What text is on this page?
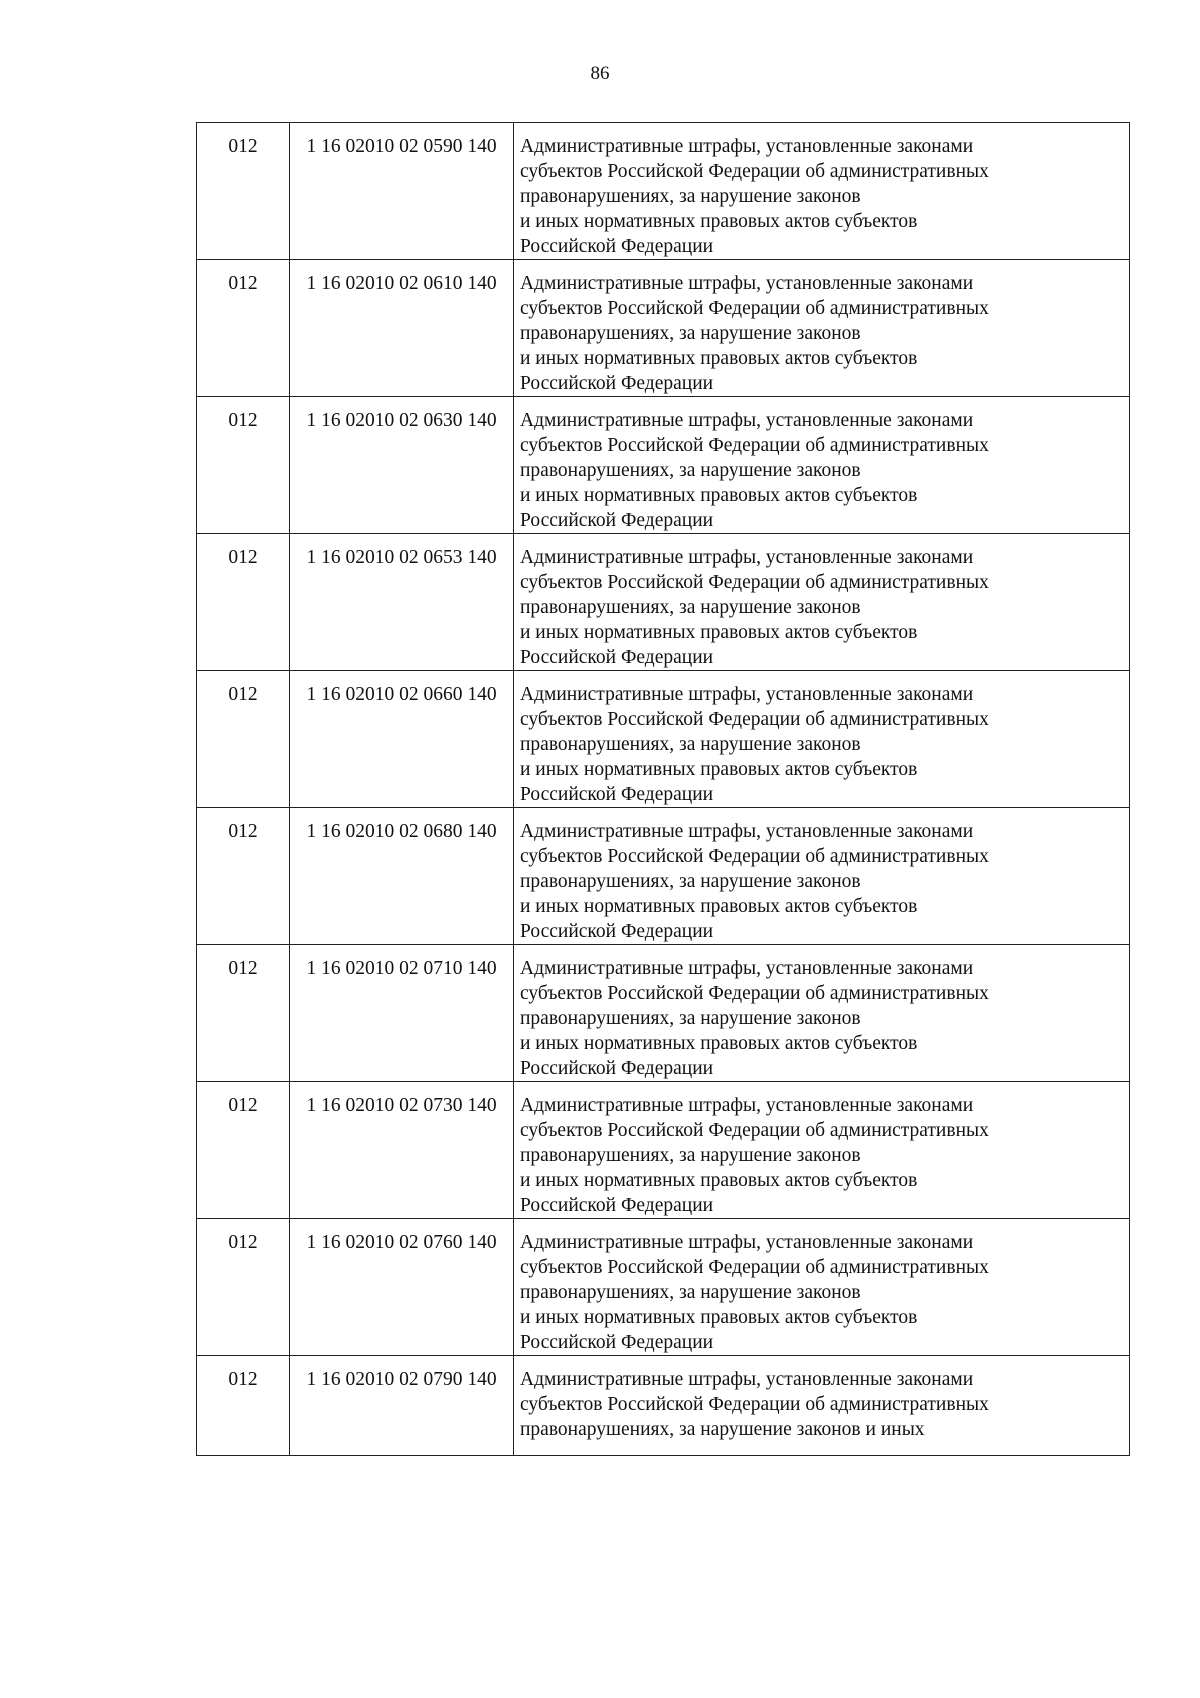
86
012	1 16 02010 02 0590 140	Административные штрафы, установленные законами
субъектов Российской Федерации об административных
правонарушениях, за нарушение законов
и иных нормативных правовых актов субъектов
Российской Федерации

012	1 16 02010 02 0610 140	Административные штрафы, установленные законами
субъектов Российской Федерации об административных
правонарушениях, за нарушение законов
и иных нормативных правовых актов субъектов
Российской Федерации

012	1 16 02010 02 0630 140	Административные штрафы, установленные законами
субъектов Российской Федерации об административных
правонарушениях, за нарушение законов
и иных нормативных правовых актов субъектов
Российской Федерации

012	1 16 02010 02 0653 140	Административные штрафы, установленные законами
субъектов Российской Федерации об административных
правонарушениях, за нарушение законов
и иных нормативных правовых актов субъектов
Российской Федерации

012	1 16 02010 02 0660 140	Административные штрафы, установленные законами
субъектов Российской Федерации об административных
правонарушениях, за нарушение законов
и иных нормативных правовых актов субъектов
Российской Федерации

012	1 16 02010 02 0680 140	Административные штрафы, установленные законами
субъектов Российской Федерации об административных
правонарушениях, за нарушение законов
и иных нормативных правовых актов субъектов
Российской Федерации

012	1 16 02010 02 0710 140	Административные штрафы, установленные законами
субъектов Российской Федерации об административных
правонарушениях, за нарушение законов
и иных нормативных правовых актов субъектов
Российской Федерации

012	1 16 02010 02 0730 140	Административные штрафы, установленные законами
субъектов Российской Федерации об административных
правонарушениях, за нарушение законов
и иных нормативных правовых актов субъектов
Российской Федерации

012	1 16 02010 02 0760 140	Административные штрафы, установленные законами
субъектов Российской Федерации об административных
правонарушениях, за нарушение законов
и иных нормативных правовых актов субъектов
Российской Федерации

012	1 16 02010 02 0790 140	Административные штрафы, установленные законами
субъектов Российской Федерации об административных
правонарушениях, за нарушение законов и иных
